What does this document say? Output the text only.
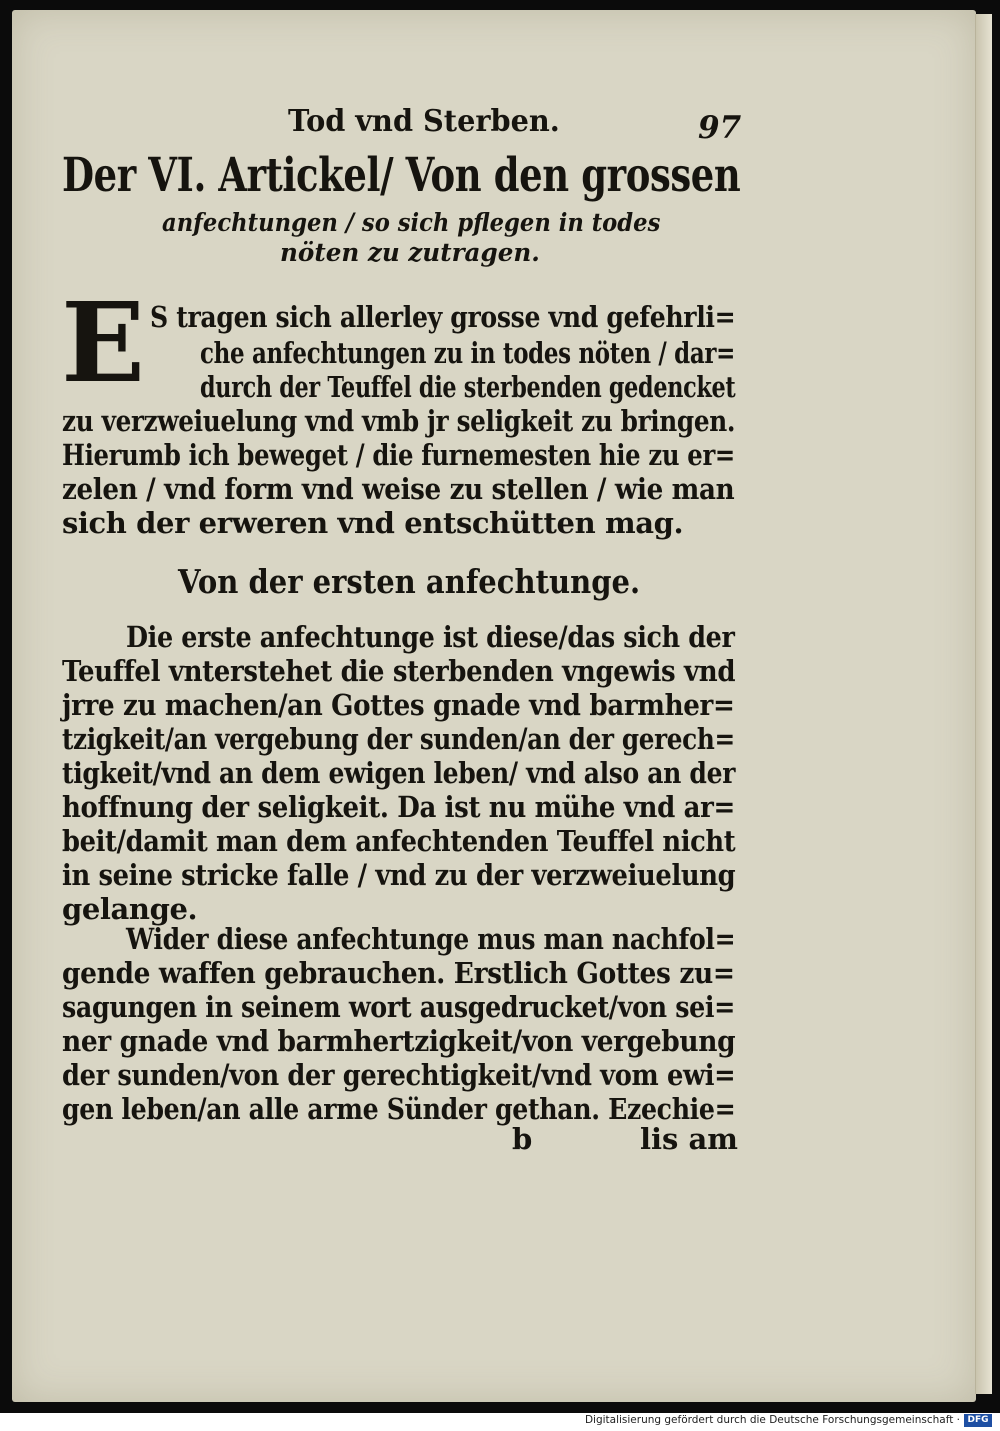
Tod vnd Sterben.	97
Der VI. Artickel/ Von den grossen
anfechtungen / so sich pflegen in todes
nöten zu zutragen.
E S tragen sich allerley grosse vnd gefehrli=
che anfechtungen zu in todes nöten / dar=
durch der Teuffel die sterbenden gedencket
zu verzweiuelung vnd vmb jr seligkeit zu bringen.
Hierumb ich beweget / die furnemesten hie zu er=
zelen / vnd form vnd weise zu stellen / wie man
sich der erweren vnd entschütten mag.
Von der ersten anfechtunge.
Die erste anfechtunge ist diese/das sich der
Teuffel vnterstehet die sterbenden vngewis vnd
jrre zu machen/an Gottes gnade vnd barmher=
tzigkeit/an vergebung der sunden/an der gerech=
tigkeit/vnd an dem ewigen leben/ vnd also an der
hoffnung der seligkeit. Da ist nu mühe vnd ar=
beit/damit man dem anfechtenden Teuffel nicht
in seine stricke falle / vnd zu der verzweiuelung
gelange.
Wider diese anfechtunge mus man nachfol=
gende waffen gebrauchen. Erstlich Gottes zu=
sagungen in seinem wort ausgedrucket/von sei=
ner gnade vnd barmhertzigkeit/von vergebung
der sunden/von der gerechtigkeit/vnd vom ewi=
gen leben/an alle arme Sünder gethan. Ezechie=
b	lis am
Digitalisierung gefördert durch die Deutsche Forschungsgemeinschaft · DFG
